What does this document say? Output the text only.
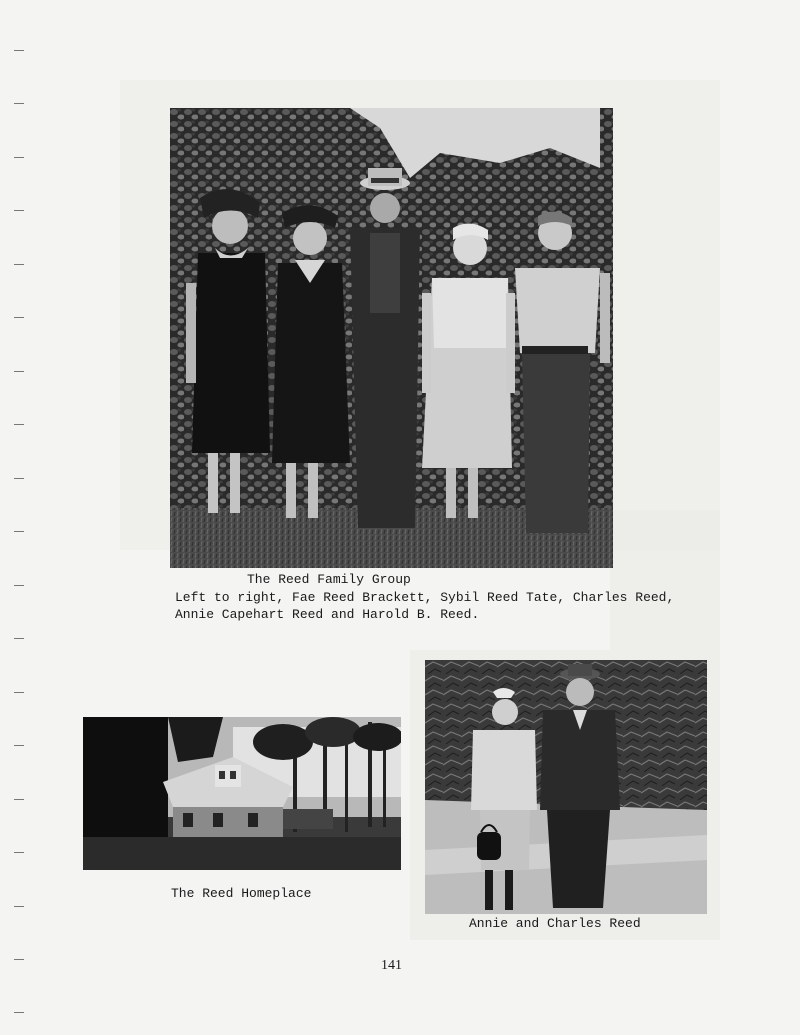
The Reed Family Group
Left to right, Fae Reed Brackett, Sybil Reed Tate, Charles Reed,
Annie Capehart Reed and Harold B. Reed.
The Reed Homeplace
Annie and Charles Reed
141
